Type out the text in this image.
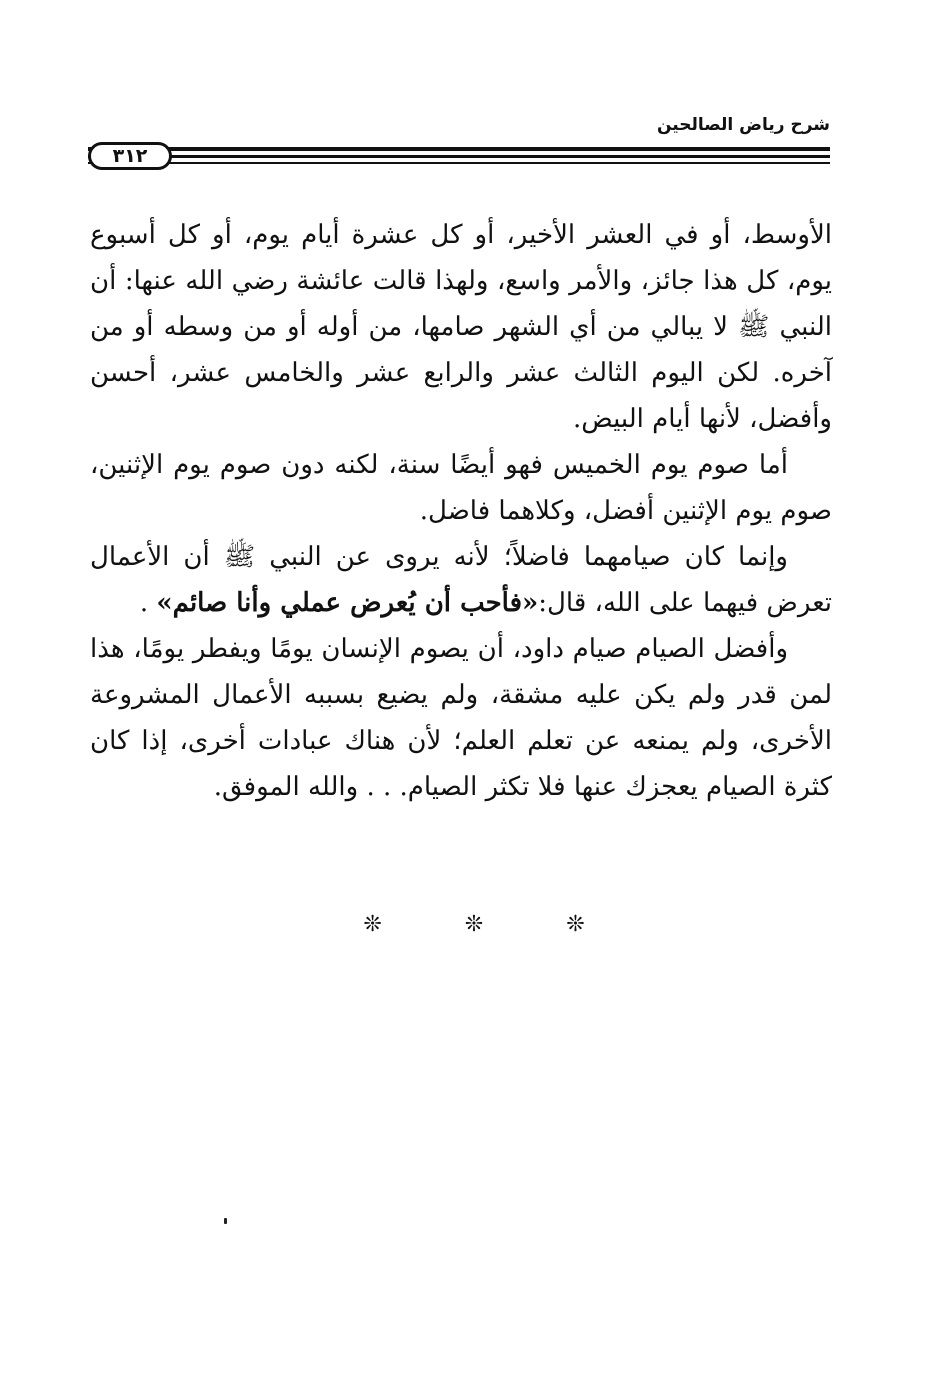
شرح رياض الصالحين
٣١٢

الأوسط، أو في العشر الأخير، أو كل عشرة أيام يوم، أو كل أسبوع يوم، كل هذا جائز، والأمر واسع، ولهذا قالت عائشة رضي الله عنها: أن النبي ﷺ لا يبالي من أي الشهر صامها، من أوله أو من وسطه أو من آخره. لكن اليوم الثالث عشر والرابع عشر والخامس عشر، أحسن وأفضل، لأنها أيام البيض.

أما صوم يوم الخميس فهو أيضًا سنة، لكنه دون صوم يوم الإثنين، صوم يوم الإثنين أفضل، وكلاهما فاضل.

وإنما كان صيامهما فاضلاً؛ لأنه يروى عن النبي ﷺ أن الأعمال تعرض فيهما على الله، قال:«فأحب أن يُعرض عملي وأنا صائم» .

وأفضل الصيام صيام داود، أن يصوم الإنسان يومًا ويفطر يومًا، هذا لمن قدر ولم يكن عليه مشقة، ولم يضيع بسببه الأعمال المشروعة الأخرى، ولم يمنعه عن تعلم العلم؛ لأن هناك عبادات أخرى، إذا كان كثرة الصيام يعجزك عنها فلا تكثر الصيام. . . والله الموفق.

❊	❊	❊
